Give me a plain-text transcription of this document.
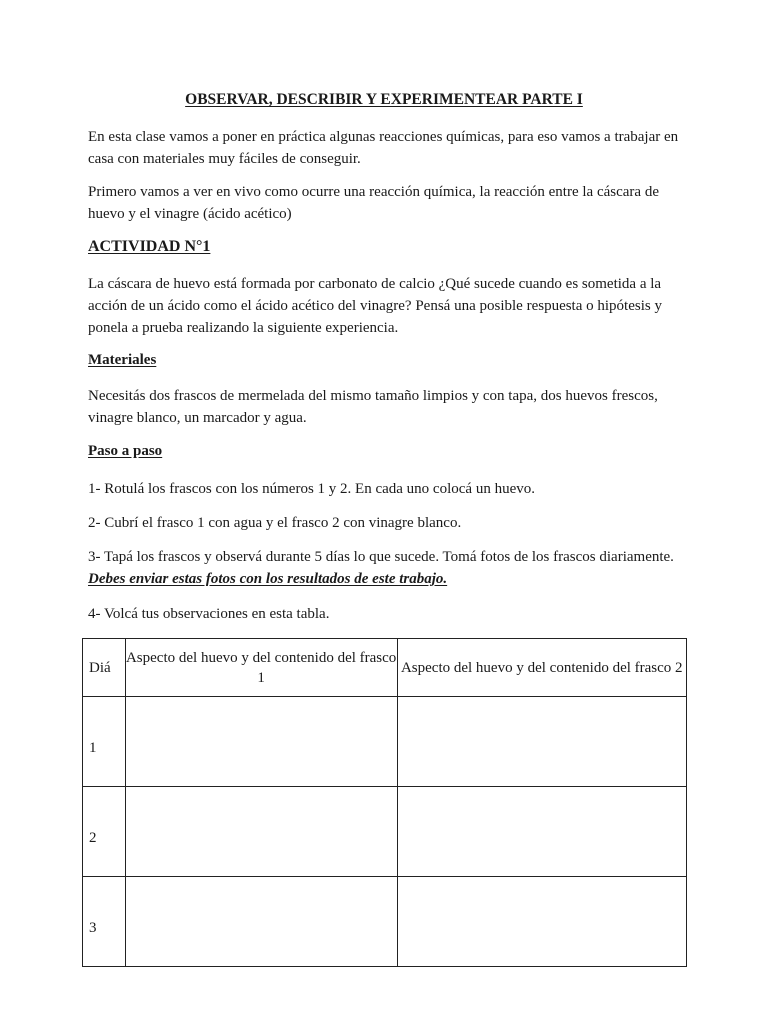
OBSERVAR, DESCRIBIR Y EXPERIMENTEAR PARTE I

En esta clase vamos a poner en práctica algunas reacciones químicas, para eso vamos a trabajar en casa con materiales muy fáciles de conseguir.

Primero vamos a ver en vivo como ocurre una reacción química, la reacción entre la cáscara de huevo y el vinagre (ácido acético)

ACTIVIDAD N°1

La cáscara de huevo está formada por carbonato de calcio ¿Qué sucede cuando es sometida a la acción de un ácido como el ácido acético del vinagre? Pensá una posible respuesta o hipótesis y ponela a prueba realizando la siguiente experiencia.

Materiales

Necesitás dos frascos de mermelada del mismo tamaño limpios y con tapa, dos huevos frescos, vinagre blanco, un marcador y agua.

Paso a paso

1- Rotulá los frascos con los números 1 y 2. En cada uno colocá un huevo.

2- Cubrí el frasco 1 con agua y el frasco 2 con vinagre blanco.

3- Tapá los frascos y observá durante 5 días lo que sucede. Tomá fotos de los frascos diariamente. Debes enviar estas fotos con los resultados de este trabajo.

4- Volcá tus observaciones en esta tabla.

Diá	Aspecto del huevo y del contenido del frasco 1	Aspecto del huevo y del contenido del frasco 2
1		
2		
3		
